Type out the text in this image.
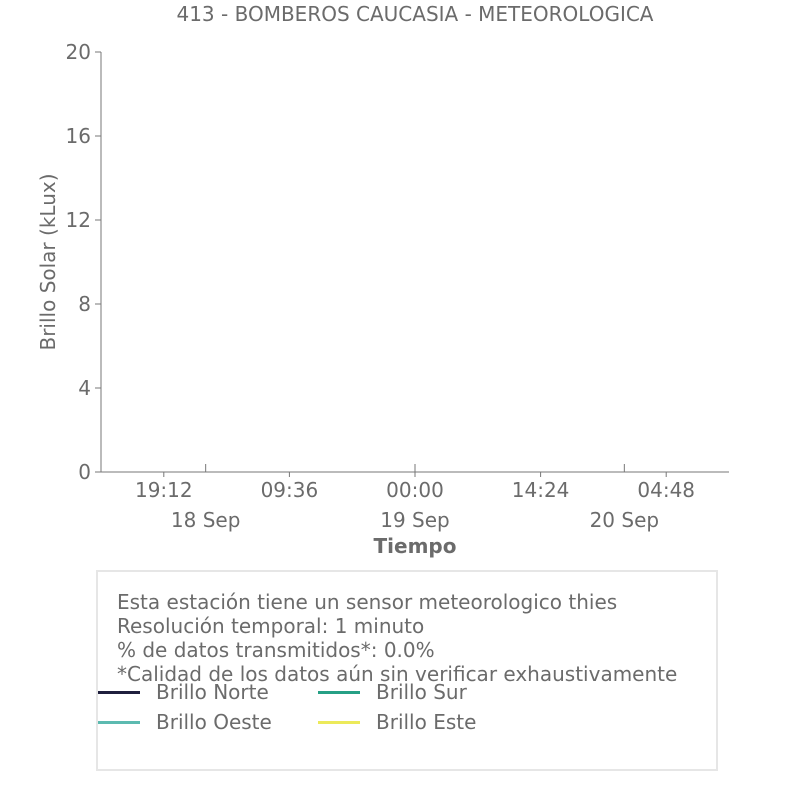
413 - BOMBEROS CAUCASIA - METEOROLOGICA
0
4
8
12
16
20
19:12	09:36	00:00	14:24	04:48
18 Sep	19 Sep	20 Sep
Brillo Solar (kLux)
Tiempo
Esta estación tiene un sensor meteorologico thies
Resolución temporal: 1 minuto
% de datos transmitidos*: 0.0%
*Calidad de los datos aún sin verificar exhaustivamente
Brillo Norte	Brillo Sur
Brillo Oeste	Brillo Este
